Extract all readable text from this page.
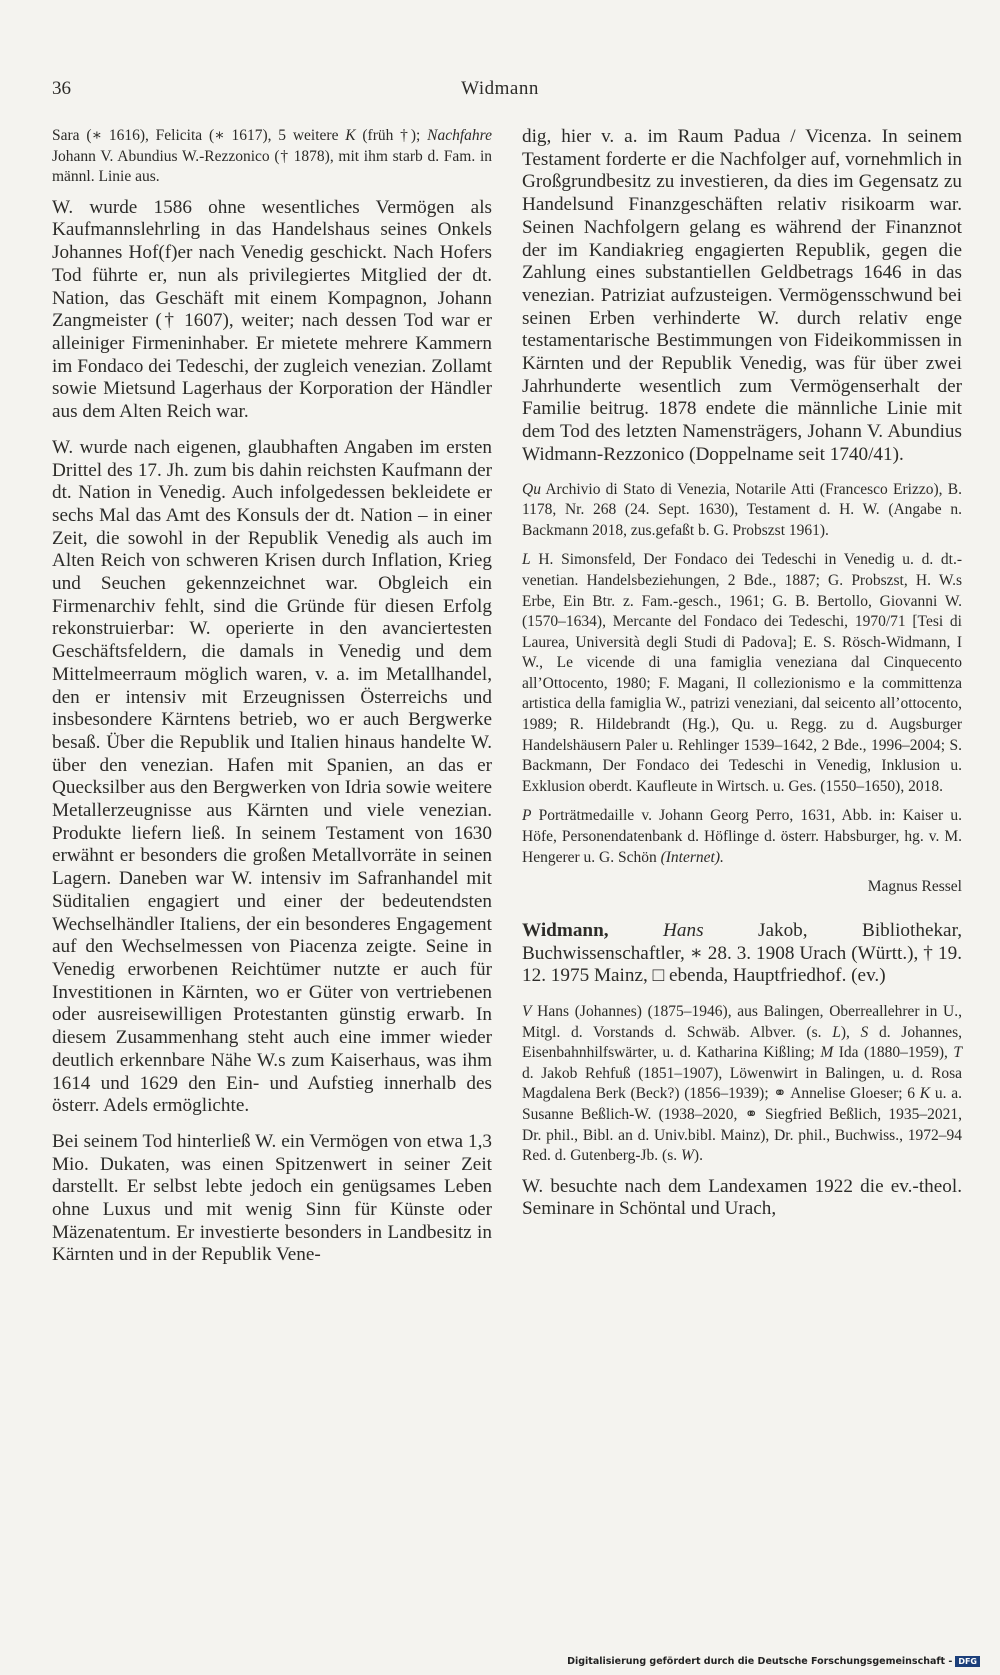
36	Widmann

Sara (∗ 1616), Felicita (∗ 1617), 5 weitere K (früh †); Nachfahre Johann V. Abundius W.-Rezzonico († 1878), mit ihm starb d. Fam. in männl. Linie aus.

W. wurde 1586 ohne wesentliches Vermögen als Kaufmannslehrling in das Handelshaus seines Onkels Johannes Hof(f)er nach Venedig geschickt. Nach Hofers Tod führte er, nun als privilegiertes Mitglied der dt. Nation, das Geschäft mit einem Kompagnon, Johann Zangmeister († 1607), weiter; nach dessen Tod war er alleiniger Firmeninhaber. Er mietete mehrere Kammern im Fondaco dei Tedeschi, der zugleich venezian. Zollamt sowie Mietsund Lagerhaus der Korporation der Händler aus dem Alten Reich war.

W. wurde nach eigenen, glaubhaften Angaben im ersten Drittel des 17. Jh. zum bis dahin reichsten Kaufmann der dt. Nation in Venedig. Auch infolgedessen bekleidete er sechs Mal das Amt des Konsuls der dt. Nation – in einer Zeit, die sowohl in der Republik Venedig als auch im Alten Reich von schweren Krisen durch Inflation, Krieg und Seuchen gekennzeichnet war. Obgleich ein Firmenarchiv fehlt, sind die Gründe für diesen Erfolg rekonstruierbar: W. operierte in den avanciertesten Geschäftsfeldern, die damals in Venedig und dem Mittelmeerraum möglich waren, v. a. im Metallhandel, den er intensiv mit Erzeugnissen Österreichs und insbesondere Kärntens betrieb, wo er auch Bergwerke besaß. Über die Republik und Italien hinaus handelte W. über den venezian. Hafen mit Spanien, an das er Quecksilber aus den Bergwerken von Idria sowie weitere Metallerzeugnisse aus Kärnten und viele venezian. Produkte liefern ließ. In seinem Testament von 1630 erwähnt er besonders die großen Metallvorräte in seinen Lagern. Daneben war W. intensiv im Safranhandel mit Süditalien engagiert und einer der bedeutendsten Wechselhändler Italiens, der ein besonderes Engagement auf den Wechselmessen von Piacenza zeigte. Seine in Venedig erworbenen Reichtümer nutzte er auch für Investitionen in Kärnten, wo er Güter von vertriebenen oder ausreisewilligen Protestanten günstig erwarb. In diesem Zusammenhang steht auch eine immer wieder deutlich erkennbare Nähe W.s zum Kaiserhaus, was ihm 1614 und 1629 den Ein- und Aufstieg innerhalb des österr. Adels ermöglichte.

Bei seinem Tod hinterließ W. ein Vermögen von etwa 1,3 Mio. Dukaten, was einen Spitzenwert in seiner Zeit darstellt. Er selbst lebte jedoch ein genügsames Leben ohne Luxus und mit wenig Sinn für Künste oder Mäzenatentum. Er investierte besonders in Landbesitz in Kärnten und in der Republik Vene-

dig, hier v. a. im Raum Padua / Vicenza. In seinem Testament forderte er die Nachfolger auf, vornehmlich in Großgrundbesitz zu investieren, da dies im Gegensatz zu Handelsund Finanzgeschäften relativ risikoarm war. Seinen Nachfolgern gelang es während der Finanznot der im Kandiakrieg engagierten Republik, gegen die Zahlung eines substantiellen Geldbetrags 1646 in das venezian. Patriziat aufzusteigen. Vermögensschwund bei seinen Erben verhinderte W. durch relativ enge testamentarische Bestimmungen von Fideikommissen in Kärnten und der Republik Venedig, was für über zwei Jahrhunderte wesentlich zum Vermögenserhalt der Familie beitrug. 1878 endete die männliche Linie mit dem Tod des letzten Namensträgers, Johann V. Abundius Widmann-Rezzonico (Doppelname seit 1740/41).

Qu Archivio di Stato di Venezia, Notarile Atti (Francesco Erizzo), B. 1178, Nr. 268 (24. Sept. 1630), Testament d. H. W. (Angabe n. Backmann 2018, zus.gefaßt b. G. Probszst 1961).

L H. Simonsfeld, Der Fondaco dei Tedeschi in Venedig u. d. dt.-venetian. Handelsbeziehungen, 2 Bde., 1887; G. Probszst, H. W.s Erbe, Ein Btr. z. Fam.-gesch., 1961; G. B. Bertollo, Giovanni W. (1570–1634), Mercante del Fondaco dei Tedeschi, 1970/71 [Tesi di Laurea, Università degli Studi di Padova]; E. S. Rösch-Widmann, I W., Le vicende di una famiglia veneziana dal Cinquecento all’Ottocento, 1980; F. Magani, Il collezionismo e la committenza artistica della famiglia W., patrizi veneziani, dal seicento all’ottocento, 1989; R. Hildebrandt (Hg.), Qu. u. Regg. zu d. Augsburger Handelshäusern Paler u. Rehlinger 1539–1642, 2 Bde., 1996–2004; S. Backmann, Der Fondaco dei Tedeschi in Venedig, Inklusion u. Exklusion oberdt. Kaufleute in Wirtsch. u. Ges. (1550–1650), 2018.

P Porträtmedaille v. Johann Georg Perro, 1631, Abb. in: Kaiser u. Höfe, Personendatenbank d. Höflinge d. österr. Habsburger, hg. v. M. Hengerer u. G. Schön (Internet).

Magnus Ressel

Widmann, Hans Jakob, Bibliothekar, Buchwissenschaftler, ∗ 28. 3. 1908 Urach (Württ.), † 19. 12. 1975 Mainz, □ ebenda, Hauptfriedhof. (ev.)

V Hans (Johannes) (1875–1946), aus Balingen, Oberreallehrer in U., Mitgl. d. Vorstands d. Schwäb. Albver. (s. L), S d. Johannes, Eisenbahnhilfswärter, u. d. Katharina Kißling; M Ida (1880–1959), T d. Jakob Rehfuß (1851–1907), Löwenwirt in Balingen, u. d. Rosa Magdalena Berk (Beck?) (1856–1939); ⚭ Annelise Gloeser; 6 K u. a. Susanne Beßlich-W. (1938–2020, ⚭ Siegfried Beßlich, 1935–2021, Dr. phil., Bibl. an d. Univ.bibl. Mainz), Dr. phil., Buchwiss., 1972–94 Red. d. Gutenberg-Jb. (s. W).

W. besuchte nach dem Landexamen 1922 die ev.-theol. Seminare in Schöntal und Urach,

Digitalisierung gefördert durch die Deutsche Forschungsgemeinschaft - DFG
